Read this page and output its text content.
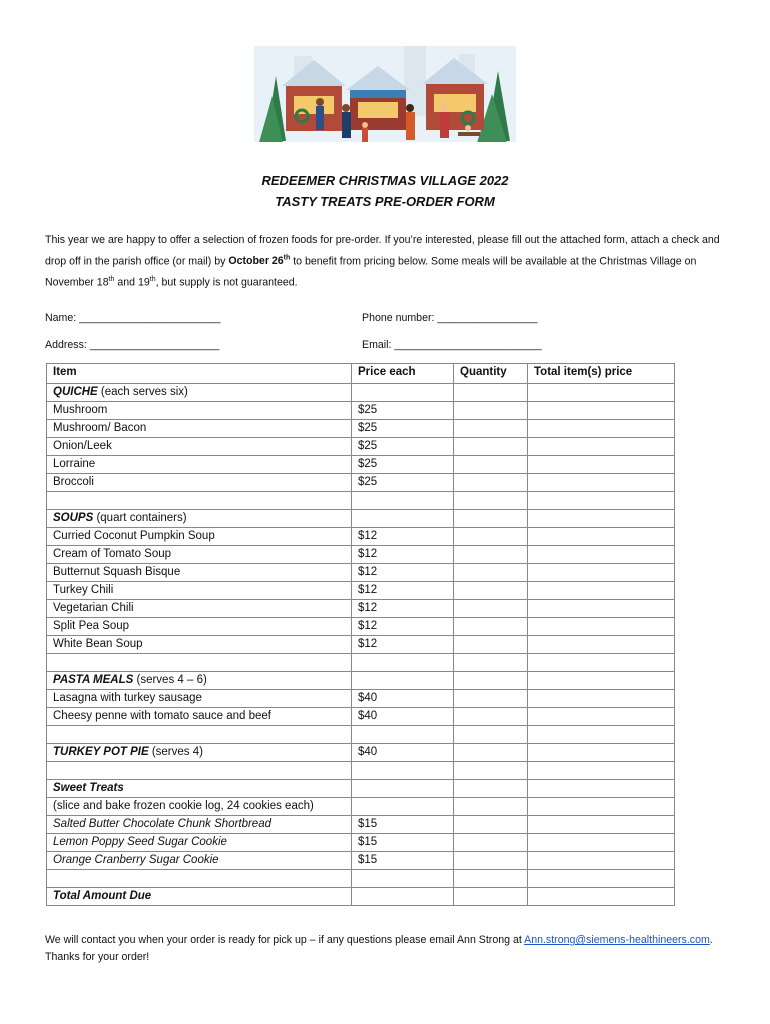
REDEEMER CHRISTMAS VILLAGE 2022
TASTY TREATS PRE-ORDER FORM
This year we are happy to offer a selection of frozen foods for pre-order. If you’re interested, please fill out the attached form, attach a check and drop off in the parish office (or mail) by October 26th to benefit from pricing below. Some meals will be available at the Christmas Village on November 18th and 19th, but supply is not guaranteed.
Name: ________________________	Phone number: _________________
Address: ______________________	Email: _________________________
Item	Price each	Quantity	Total item(s) price
QUICHE (each serves six)			
Mushroom	$25		
Mushroom/ Bacon	$25		
Onion/Leek	$25		
Lorraine	$25		
Broccoli	$25		

SOUPS (quart containers)			
Curried Coconut Pumpkin Soup	$12		
Cream of Tomato Soup	$12		
Butternut Squash Bisque	$12		
Turkey Chili	$12		
Vegetarian Chili	$12		
Split Pea Soup	$12		
White Bean Soup	$12		

PASTA MEALS (serves 4 – 6)			
Lasagna with turkey sausage	$40		
Cheesy penne with tomato sauce and beef	$40		

TURKEY POT PIE (serves 4)	$40		

Sweet Treats			
(slice and bake frozen cookie log, 24 cookies each)			
Salted Butter Chocolate Chunk Shortbread	$15		
Lemon Poppy Seed Sugar Cookie	$15		
Orange Cranberry Sugar Cookie	$15		

Total Amount Due			
We will contact you when your order is ready for pick up – if any questions please email Ann Strong at Ann.strong@siemens-healthineers.com. Thanks for your order!
